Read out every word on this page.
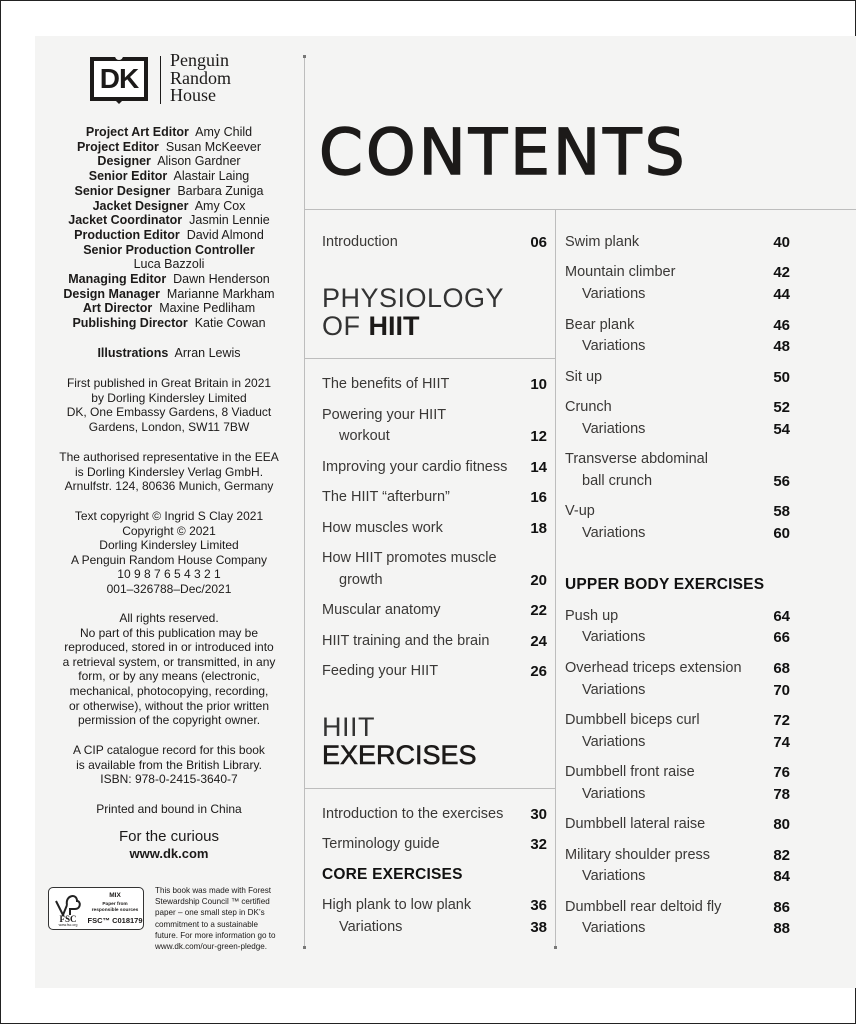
DK
Penguin
Random
House
Project Art Editor Amy Child
Project Editor Susan McKeever
Designer Alison Gardner
Senior Editor Alastair Laing
Senior Designer Barbara Zuniga
Jacket Designer Amy Cox
Jacket Coordinator Jasmin Lennie
Production Editor David Almond
Senior Production Controller
Luca Bazzoli
Managing Editor Dawn Henderson
Design Manager Marianne Markham
Art Director Maxine Pedliham
Publishing Director Katie Cowan
Illustrations Arran Lewis

First published in Great Britain in 2021

by Dorling Kindersley Limited

DK, One Embassy Gardens, 8 Viaduct

Gardens, London, SW11 7BW

The authorised representative in the EEA

is Dorling Kindersley Verlag GmbH.

Arnulfstr. 124, 80636 Munich, Germany

Text copyright © Ingrid S Clay 2021

Copyright © 2021

Dorling Kindersley Limited

A Penguin Random House Company

10 9 8 7 6 5 4 3 2 1

001–326788–Dec/2021

All rights reserved.

No part of this publication may be

reproduced, stored in or introduced into

a retrieval system, or transmitted, in any

form, or by any means (electronic,

mechanical, photocopying, recording,

or otherwise), without the prior written

permission of the copyright owner.

A CIP catalogue record for this book

is available from the British Library.

ISBN: 978-0-2415-3640-7

Printed and bound in China

For the curious
www.dk.com
FSC
www.fsc.org
MIX
Paper from
responsible sources
FSC™ C018179
This book was made with Forest
Stewardship Council ™ certified
paper – one small step in DK’s
commitment to a sustainable
future. For more information go to
www.dk.com/our-green-pledge.
CONTENTS
Introduction	06
PHYSIOLOGY
OF HIIT
The benefits of HIIT	10
Powering your HIIT
workout	12
Improving your cardio fitness 14
The HIIT “afterburn”	16
How muscles work	18
How HIIT promotes muscle
growth	20
Muscular anatomy	22
HIIT training and the brain	24
Feeding your HIIT	26
HIIT
EXERCISES
Introduction to the exercises 30
Terminology guide	32
CORE EXERCISES
High plank to low plank	36
Variations	38
Swim plank	40
Mountain climber	42
Variations	44
Bear plank	46
Variations	48
Sit up	50
Crunch	52
Variations	54
Transverse abdominal
ball crunch	56
V-up	58
Variations	60
UPPER BODY EXERCISES
Push up	64
Variations	66
Overhead triceps extension 68
Variations	70
Dumbbell biceps curl	72
Variations	74
Dumbbell front raise	76
Variations	78
Dumbbell lateral raise	80
Military shoulder press	82
Variations	84
Dumbbell rear deltoid fly	86
Variations	88
